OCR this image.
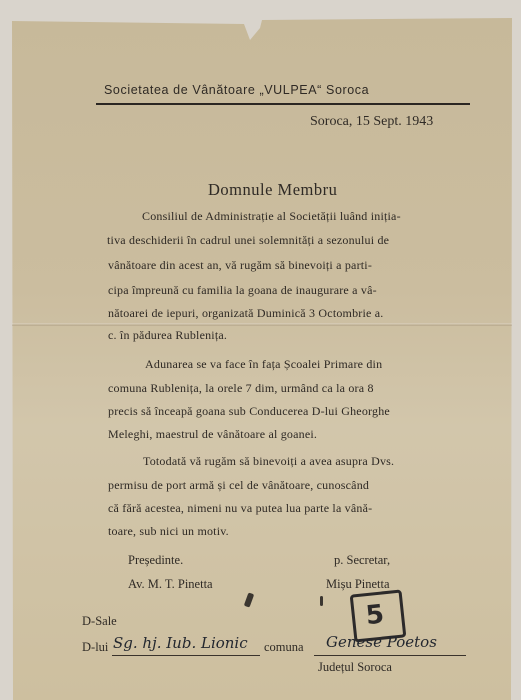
Societatea de Vânătoare „VULPEA“ Soroca
Soroca, 15 Sept. 1943
Domnule Membru
Consiliul de Administrație al Societății luând iniția-
tiva deschiderii în cadrul unei solemnități a sezonului de
vânătoare din acest an, vă rugăm să binevoiți a parti-
cipa împreună cu familia la goana de inaugurare a vâ-
nătoarei de iepuri, organizată Duminică 3 Octombrie a.
c. în pădurea Rublenița.
Adunarea se va face în fața Școalei Primare din
comuna Rublenița, la orele 7 dim, urmând ca la ora 8
precis să înceapă goana sub Conducerea D-lui Gheorghe
Meleghi, maestrul de vânătoare al goanei.
Totodată vă rugăm să binevoiți a avea asupra Dvs.
permisu de port armă și cel de vânătoare, cunoscând
că fără acestea, nimeni nu va putea lua parte la vână-
toare, sub nici un motiv.
Președinte.	p. Secretar,
Av. M. T. Pinetta	Mișu Pinetta
5
D-Sale
D-lui Sg. hj. Iub. Lionic comuna Genese Poetos
Județul Soroca
